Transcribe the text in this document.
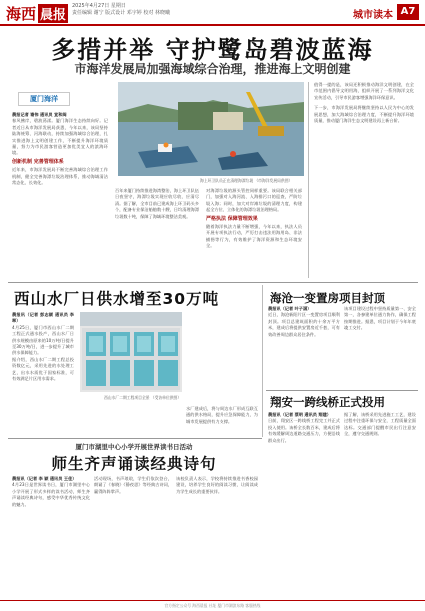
海西 晨报
2025年4月27日 星期日
责任编辑 谢宁 版式设计 邓宇婷 校对 林晓曦	城市读本 A7
多措并举 守护鹭岛碧波蓝海
市海洋发展局加强海域综合治理，推进海上文明创建
厦门海洋
海上环卫队员正在清理海漂垃圾 （市海洋发展局供图）
晨报记者 谢伟 通讯员 宣和闽
春风拂岸，碧波荡漾。厦门海洋生态持续向好。记者近日从市海洋发展局获悉，今年以来，该局坚持陆海统筹、河海联动，持续加强海域综合治理，扎实推进海上文明创建工作，不断提升海洋环境质量，努力为市民游客营造更加优美宜人的滨海环境。
创新机制 完善管理体系
近年来，市海洋发展局不断完善海域综合治理工作机制，健全完善海漂垃圾治理体系，推动海域清洁常态化、长效化。
百年来厦门持续推进海湾整治，海上环卫队伍日夜坚守，海漂垃圾实现应收尽收、应清尽清。据了解，全市目前已建成海上环卫码头多个，配备专业保洁船舶数十艘，日均清理海漂垃圾数十吨，保障了海域环境整洁美观。
对海漂垃圾的源头管控同样重要。该局联合相关部门，加强对入海河流、入海排污口的巡查，严防垃圾入海；同时，加大对岸滩垃圾的清理力度，构建起全方位、立体化的海漂垃圾治理格局。
严格执法 保障管理效果
随着海洋执法力量不断增强，今年以来，执法人员开展专项执法行动，严厉打击违法用海用岛、非法捕捞等行为，有效维护了海洋资源和生态环境安全。
值得一提的是，该局还积极推动海洋文明创建，在全市范围内倡导文明用海，组织开展了一系列海洋文化宣传活动，引导市民游客增强海洋环保意识。
下一步，市海洋发展局将继续坚持以人民为中心的发展思想，加大海域综合治理力度，不断提升海洋环境质量，推动厦门海洋生态文明建设再上新台阶。
西山水厂日供水增至30万吨
晨报讯（记者 彭志颖 通讯员 李翠）
4月25日，厦门市西山水厂二期工程正式通水投产，西山水厂日供水规模由原来的10万吨/日提升至30万吨/日，进一步提升了城市供水保障能力。
据介绍，西山水厂二期工程总投资数亿元，采用先进的水处理工艺，出水水质优于国家标准，可有效满足片区用水需求。
西山水厂二期工程项目全景 （受访单位供图）
水厂建成后，将与周边水厂形成互联互通的供水格局，提升应急保障能力，为城市发展提供有力支撑。
海沧一变置房项目封顶
晨报讯（记者 叶子涵）
近日，海沧新阳片区一变置房项目顺利封顶。项目总建筑面积约十余万平方米，建成后将提供安置房近千套，可有效改善周边群众居住条件。
该项目建设过程中坚持质量第一、安全第一，各参建单位通力协作，确保工程按期推进。据悉，项目计划于今年年底竣工交付。
翔安一跨线桥正式投用
晨报讯（记者 蔡明 通讯员 翔建）
日前，翔安区一跨线桥工程完工并正式投入使用。该桥全长数百米，建成后将有效缓解周边道路交通压力，方便沿线群众出行。
据了解，该桥采用先进施工工艺，建设过程中注重环保与安全，工程质量全面达标。交通部门提醒市民出行注意安全，遵守交通规则。
厦门市湖里中心小学开展世界读书日活动
师生齐声诵读经典诗句
晨报讯（记者 李 颖 通讯员 王佳）
4月23日是世界读书日，厦门市湖里中心小学开展了形式多样的读书活动，师生齐声诵读经典诗句，感受中华优秀传统文化的魅力。
活动现场，书声琅琅，学生们依次登台，朗诵了《春晓》《静夜思》等经典古诗词，赢得阵阵掌声。
该校负责人表示，学校将持续推进书香校园建设，培养学生良好的阅读习惯，让阅读成为学生成长的重要伙伴。
官方指定公众号 海西晨报 社址 厦门市湖滨东路 客服热线
